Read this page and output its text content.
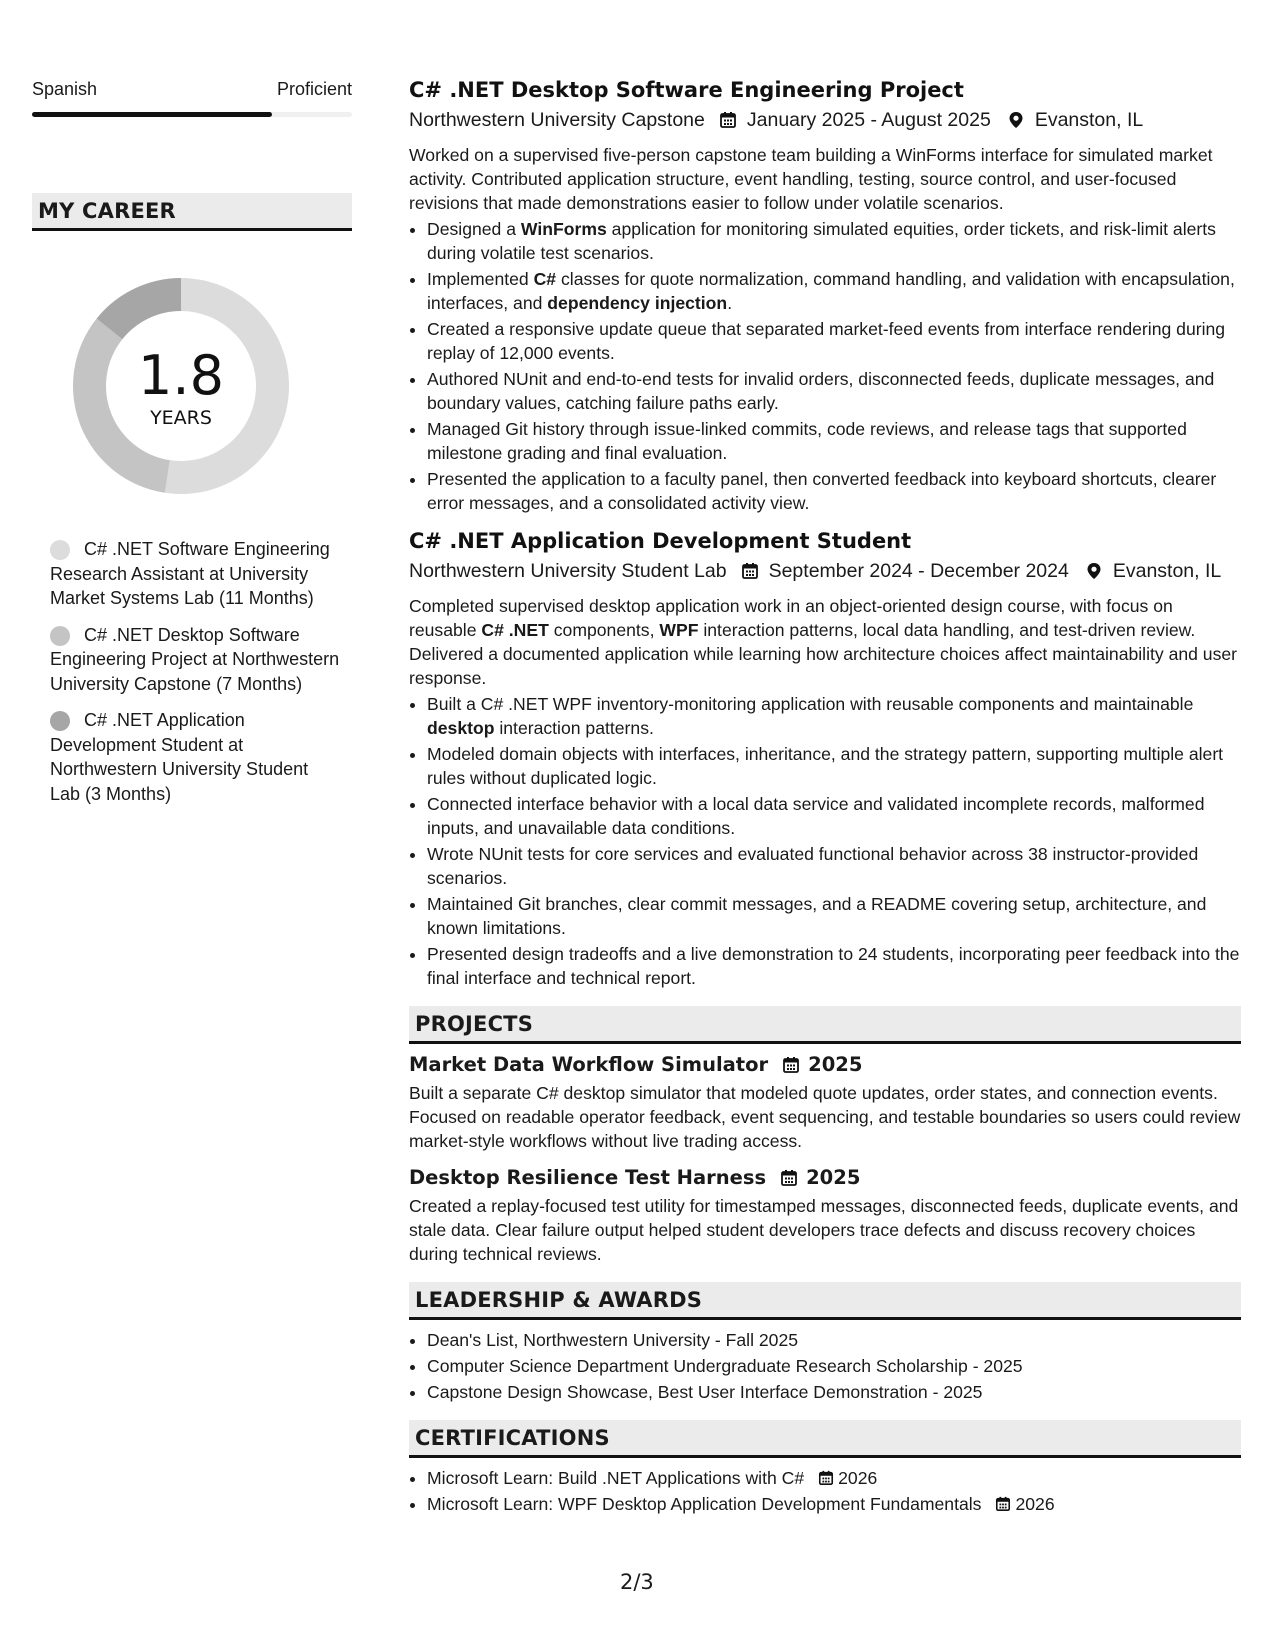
Spanish	Proficient
MY CAREER
1.8
YEARS
C# .NET Software Engineering Research Assistant at University Market Systems Lab (11 Months)
C# .NET Desktop Software Engineering Project at Northwestern University Capstone (7 Months)
C# .NET Application Development Student at Northwestern University Student Lab (3 Months)
C# .NET Desktop Software Engineering Project
Northwestern University Capstone January 2025 - August 2025 Evanston, IL
Worked on a supervised five-person capstone team building a WinForms interface for simulated market activity. Contributed application structure, event handling, testing, source control, and user-focused revisions that made demonstrations easier to follow under volatile scenarios.
• Designed a WinForms application for monitoring simulated equities, order tickets, and risk-limit alerts during volatile test scenarios.
• Implemented C# classes for quote normalization, command handling, and validation with encapsulation, interfaces, and dependency injection.
• Created a responsive update queue that separated market-feed events from interface rendering during replay of 12,000 events.
• Authored NUnit and end-to-end tests for invalid orders, disconnected feeds, duplicate messages, and boundary values, catching failure paths early.
• Managed Git history through issue-linked commits, code reviews, and release tags that supported milestone grading and final evaluation.
• Presented the application to a faculty panel, then converted feedback into keyboard shortcuts, clearer error messages, and a consolidated activity view.
C# .NET Application Development Student
Northwestern University Student Lab September 2024 - December 2024 Evanston, IL
Completed supervised desktop application work in an object-oriented design course, with focus on reusable C# .NET components, WPF interaction patterns, local data handling, and test-driven review. Delivered a documented application while learning how architecture choices affect maintainability and user response.
• Built a C# .NET WPF inventory-monitoring application with reusable components and maintainable desktop interaction patterns.
• Modeled domain objects with interfaces, inheritance, and the strategy pattern, supporting multiple alert rules without duplicated logic.
• Connected interface behavior with a local data service and validated incomplete records, malformed inputs, and unavailable data conditions.
• Wrote NUnit tests for core services and evaluated functional behavior across 38 instructor-provided scenarios.
• Maintained Git branches, clear commit messages, and a README covering setup, architecture, and known limitations.
• Presented design tradeoffs and a live demonstration to 24 students, incorporating peer feedback into the final interface and technical report.
PROJECTS
Market Data Workflow Simulator 2025
Built a separate C# desktop simulator that modeled quote updates, order states, and connection events. Focused on readable operator feedback, event sequencing, and testable boundaries so users could review market-style workflows without live trading access.
Desktop Resilience Test Harness 2025
Created a replay-focused test utility for timestamped messages, disconnected feeds, duplicate events, and stale data. Clear failure output helped student developers trace defects and discuss recovery choices during technical reviews.
LEADERSHIP & AWARDS
• Dean's List, Northwestern University - Fall 2025
• Computer Science Department Undergraduate Research Scholarship - 2025
• Capstone Design Showcase, Best User Interface Demonstration - 2025
CERTIFICATIONS
• Microsoft Learn: Build .NET Applications with C# 2026
• Microsoft Learn: WPF Desktop Application Development Fundamentals 2026
2/3
